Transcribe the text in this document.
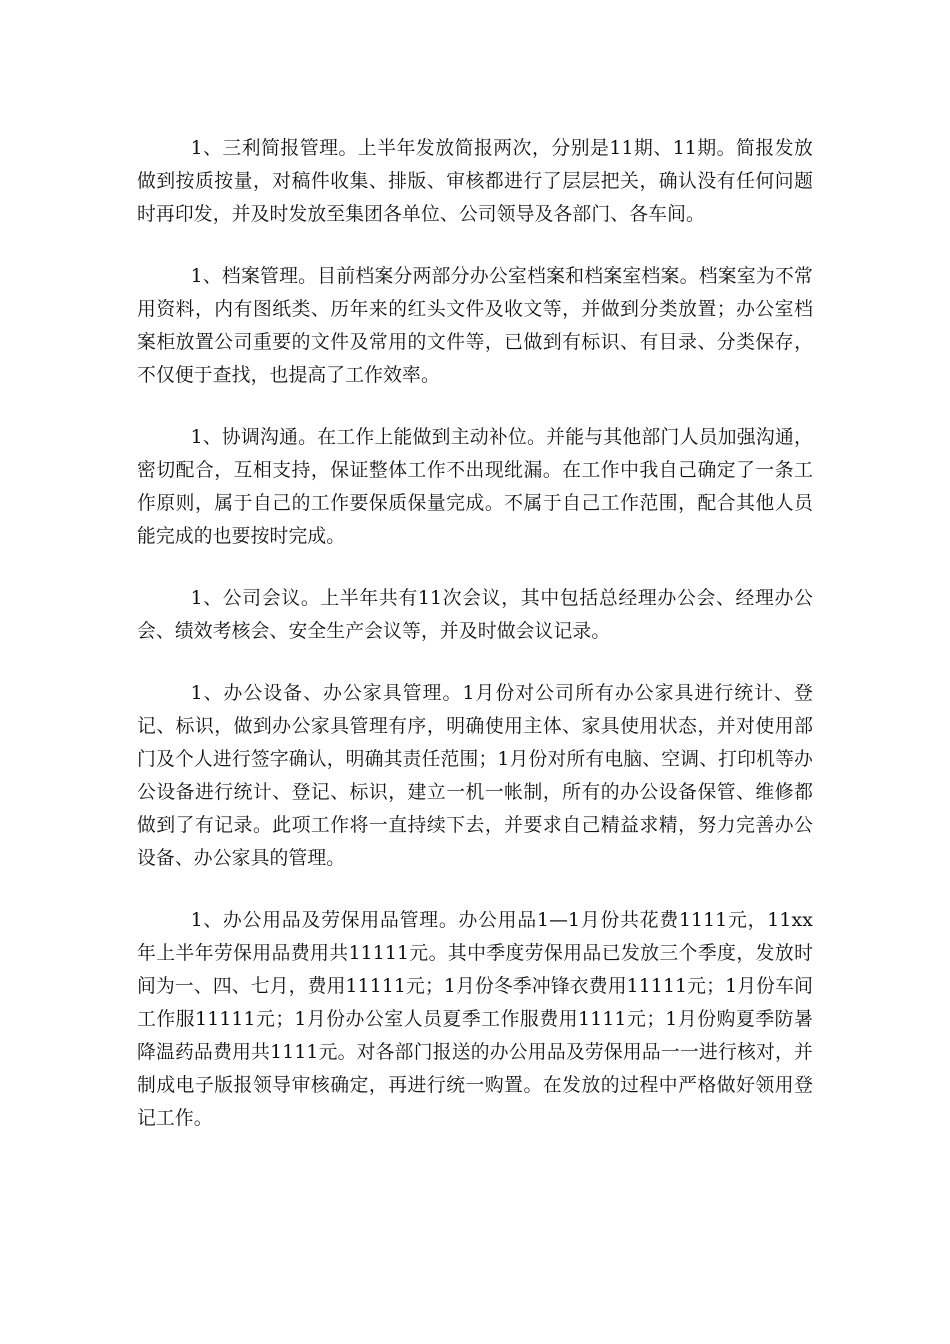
1、三利简报管理。上半年发放简报两次，分别是11期、11期。简报发放做到按质按量，对稿件收集、排版、审核都进行了层层把关，确认没有任何问题时再印发，并及时发放至集团各单位、公司领导及各部门、各车间。

1、档案管理。目前档案分两部分办公室档案和档案室档案。档案室为不常用资料，内有图纸类、历年来的红头文件及收文等，并做到分类放置；办公室档案柜放置公司重要的文件及常用的文件等，已做到有标识、有目录、分类保存，不仅便于查找，也提高了工作效率。

1、协调沟通。在工作上能做到主动补位。并能与其他部门人员加强沟通，密切配合，互相支持，保证整体工作不出现纰漏。在工作中我自己确定了一条工作原则，属于自己的工作要保质保量完成。不属于自己工作范围，配合其他人员能完成的也要按时完成。

1、公司会议。上半年共有11次会议，其中包括总经理办公会、经理办公会、绩效考核会、安全生产会议等，并及时做会议记录。

1、办公设备、办公家具管理。1月份对公司所有办公家具进行统计、登记、标识，做到办公家具管理有序，明确使用主体、家具使用状态，并对使用部门及个人进行签字确认，明确其责任范围；1月份对所有电脑、空调、打印机等办公设备进行统计、登记、标识，建立一机一帐制，所有的办公设备保管、维修都做到了有记录。此项工作将一直持续下去，并要求自己精益求精，努力完善办公设备、办公家具的管理。

1、办公用品及劳保用品管理。办公用品1—1月份共花费1111元，11xx年上半年劳保用品费用共11111元。其中季度劳保用品已发放三个季度，发放时间为一、四、七月，费用11111元；1月份冬季冲锋衣费用11111元；1月份车间工作服11111元；1月份办公室人员夏季工作服费用1111元；1月份购夏季防暑降温药品费用共1111元。对各部门报送的办公用品及劳保用品一一进行核对，并制成电子版报领导审核确定，再进行统一购置。在发放的过程中严格做好领用登记工作。
